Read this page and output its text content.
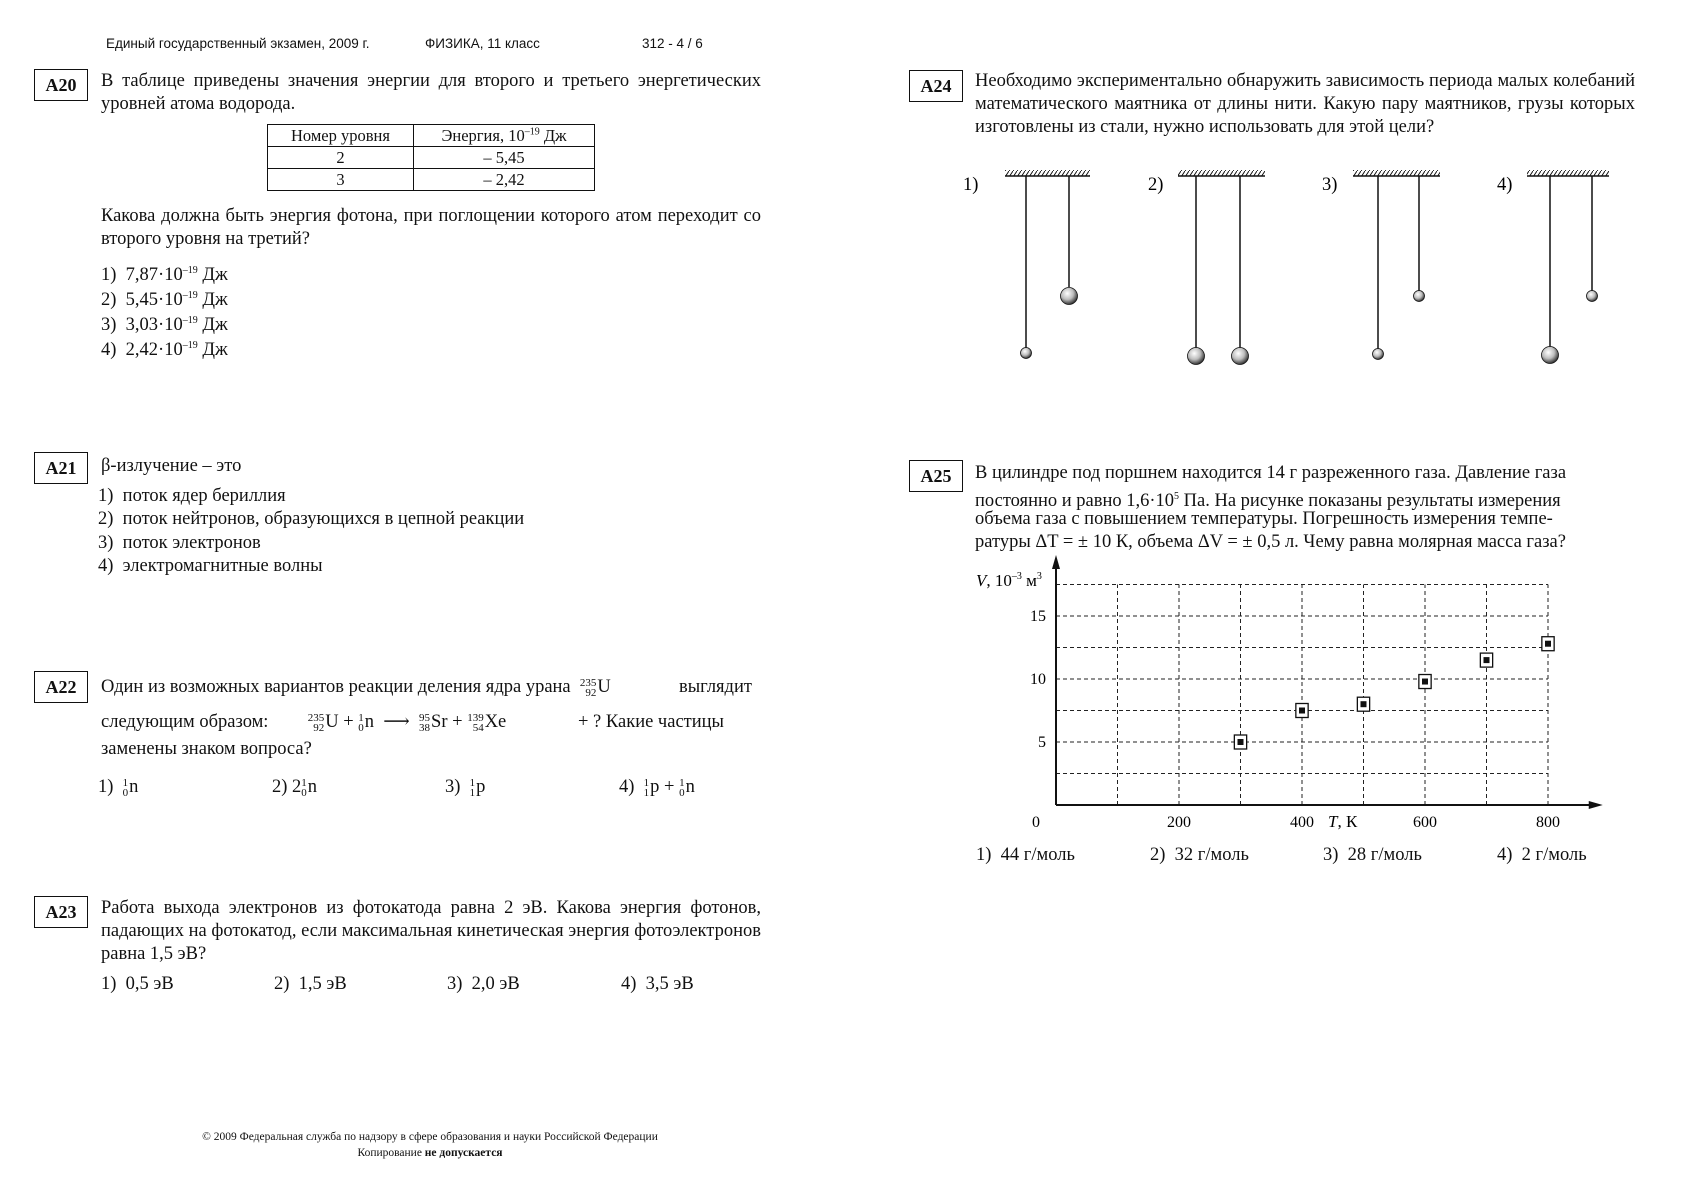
Единый государственный экзамен, 2009 г.	ФИЗИКА, 11 класс	312 - 4 / 6
А20	В таблице приведены значения энергии для второго и третьего энергетических уровней атома водорода.
Номер уровня	Энергия, $10^{-19}$ Дж
2	– 5,45
3	– 2,42
Какова должна быть энергия фотона, при поглощении которого атом переходит со второго уровня на третий?
1) $7,87\cdot 10^{-19}$ Дж
2) $5,45\cdot 10^{-19}$ Дж
3) $3,03\cdot 10^{-19}$ Дж
4) $2,42\cdot 10^{-19}$ Дж
А21	β-излучение – это
1) поток ядер бериллия
2) поток нейтронов, образующихся в цепной реакции
3) поток электронов
4) электромагнитные волны
А22	Один из возможных вариантов реакции деления ядра урана 235
92 U	выглядит
следующим образом:	235
92 U + 1
0 n ⟶ 95
38 Sr + 139
54 Xe	+ ? Какие частицы
заменены знаком вопроса?
1) 1
0 n	2) 2 1
0 n	3) 1
1 p	4) 1
1 p + 1
0 n
А23	Работа выхода электронов из фотокатода равна 2 эВ. Какова энергия фотонов, падающих на фотокатод, если максимальная кинетическая энергия фотоэлектронов равна 1,5 эВ?
1) 0,5 эВ	2) 1,5 эВ	3) 2,0 эВ	4) 3,5 эВ
А24	Необходимо экспериментально обнаружить зависимость периода малых колебаний математического маятника от длины нити. Какую пару маятников, грузы которых изготовлены из стали, нужно использовать для этой цели?
1)	2)	3)	4)
А25	В цилиндре под поршнем находится 14 г разреженного газа. Давление газа
постоянно и равно $1,6\cdot 10^5$ Па. На рисунке показаны результаты измерения
объема газа с повышением температуры. Погрешность измерения темпе-
ратуры ΔT = ± 10 К, объема ΔV = ± 0,5 л. Чему равна молярная масса газа?
200	400	600	800
5
10
15
V, $10^{-3}$ $м^3$
T, К
0
1) 44 г/моль	2) 32 г/моль	3) 28 г/моль	4) 2 г/моль
© 2009 Федеральная служба по надзору в сфере образования и науки Российской Федерации
Копирование не допускается
